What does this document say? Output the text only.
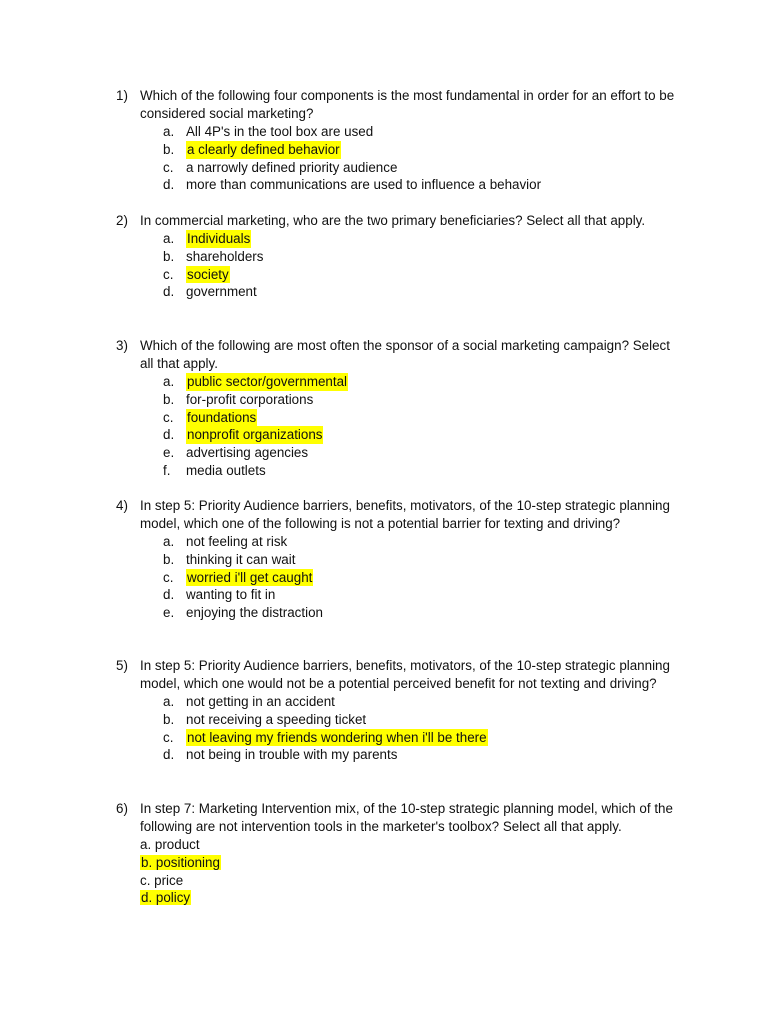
1) Which of the following four components is the most fundamental in order for an effort to be considered social marketing?
a. All 4P's in the tool box are used
b. a clearly defined behavior
c. a narrowly defined priority audience
d. more than communications are used to influence a behavior
2) In commercial marketing, who are the two primary beneficiaries? Select all that apply.
a. Individuals
b. shareholders
c.	society
d. government
3) Which of the following are most often the sponsor of a social marketing campaign? Select all that apply.
a. public sector/governmental
b. for-profit corporations
c.	foundations
d. nonprofit organizations
e. advertising agencies
f.	media outlets
4) In step 5: Priority Audience barriers, benefits, motivators, of the 10-step strategic planning model, which one of the following is not a potential barrier for texting and driving?
a. not feeling at risk
b. thinking it can wait
c.	worried i'll get caught
d. wanting to fit in
e. enjoying the distraction
5) In step 5: Priority Audience barriers, benefits, motivators, of the 10-step strategic planning model, which one would not be a potential perceived benefit for not texting and driving?
a. not getting in an accident
b. not receiving a speeding ticket
c.	not leaving my friends wondering when i'll be there
d. not being in trouble with my parents
6) In step 7: Marketing Intervention mix, of the 10-step strategic planning model, which of the following are not intervention tools in the marketer's toolbox? Select all that apply.
a. product
b. positioning
c. price
d. policy
